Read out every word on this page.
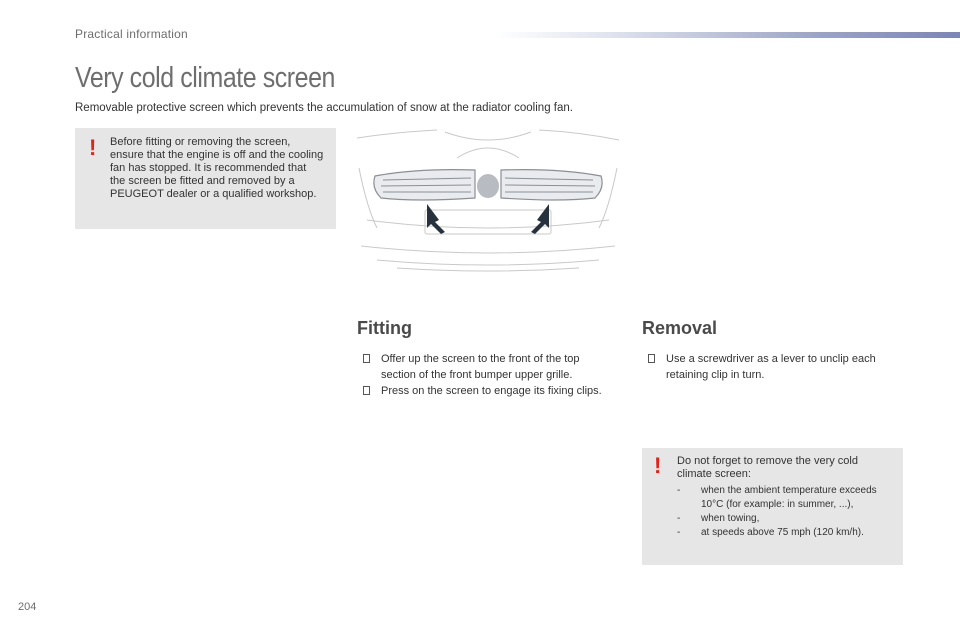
Practical information
Very cold climate screen

Removable protective screen which prevents the accumulation of snow at the radiator cooling fan.

! Before fitting or removing the screen, ensure that the engine is off and the cooling fan has stopped. It is recommended that the screen be fitted and removed by a PEUGEOT dealer or a qualified workshop.

Fitting
Offer up the screen to the front of the top section of the front bumper upper grille.
Press on the screen to engage its fixing clips.
Removal
Use a screwdriver as a lever to unclip each retaining clip in turn.
! Do not forget to remove the very cold climate screen:

- when the ambient temperature exceeds 10°C (for example: in summer, ...),
- when towing,
- at speeds above 75 mph (120 km/h).
204
